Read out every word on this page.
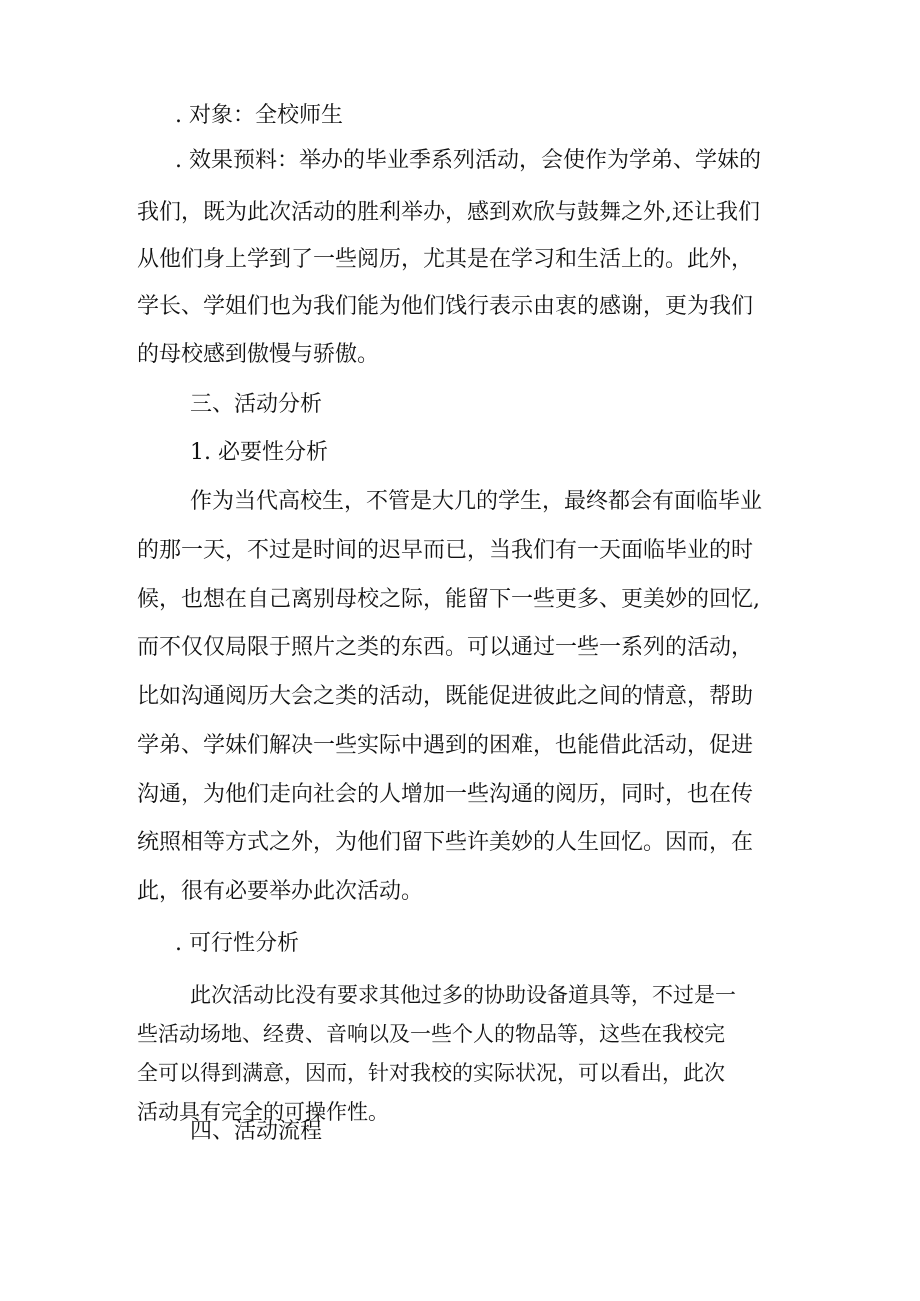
. 对象：全校师生
. 效果预料：举办的毕业季系列活动，会使作为学弟、学妹的
我们，既为此次活动的胜利举办，感到欢欣与鼓舞之外,还让我们
从他们身上学到了一些阅历，尤其是在学习和生活上的。此外，
学长、学姐们也为我们能为他们饯行表示由衷的感谢，更为我们
的母校感到傲慢与骄傲。
三、活动分析
1. 必要性分析
作为当代高校生，不管是大几的学生，最终都会有面临毕业
的那一天，不过是时间的迟早而已，当我们有一天面临毕业的时
候，也想在自己离别母校之际，能留下一些更多、更美妙的回忆,
而不仅仅局限于照片之类的东西。可以通过一些一系列的活动，
比如沟通阅历大会之类的活动，既能促进彼此之间的情意，帮助
学弟、学妹们解决一些实际中遇到的困难，也能借此活动，促进
沟通，为他们走向社会的人增加一些沟通的阅历，同时，也在传
统照相等方式之外，为他们留下些许美妙的人生回忆。因而，在
此，很有必要举办此次活动。
. 可行性分析
此次活动比没有要求其他过多的协助设备道具等，不过是一
些活动场地、经费、音响以及一些个人的物品等，这些在我校完
全可以得到满意，因而，针对我校的实际状况，可以看出，此次
活动具有完全的可操作性。
四、活动流程
